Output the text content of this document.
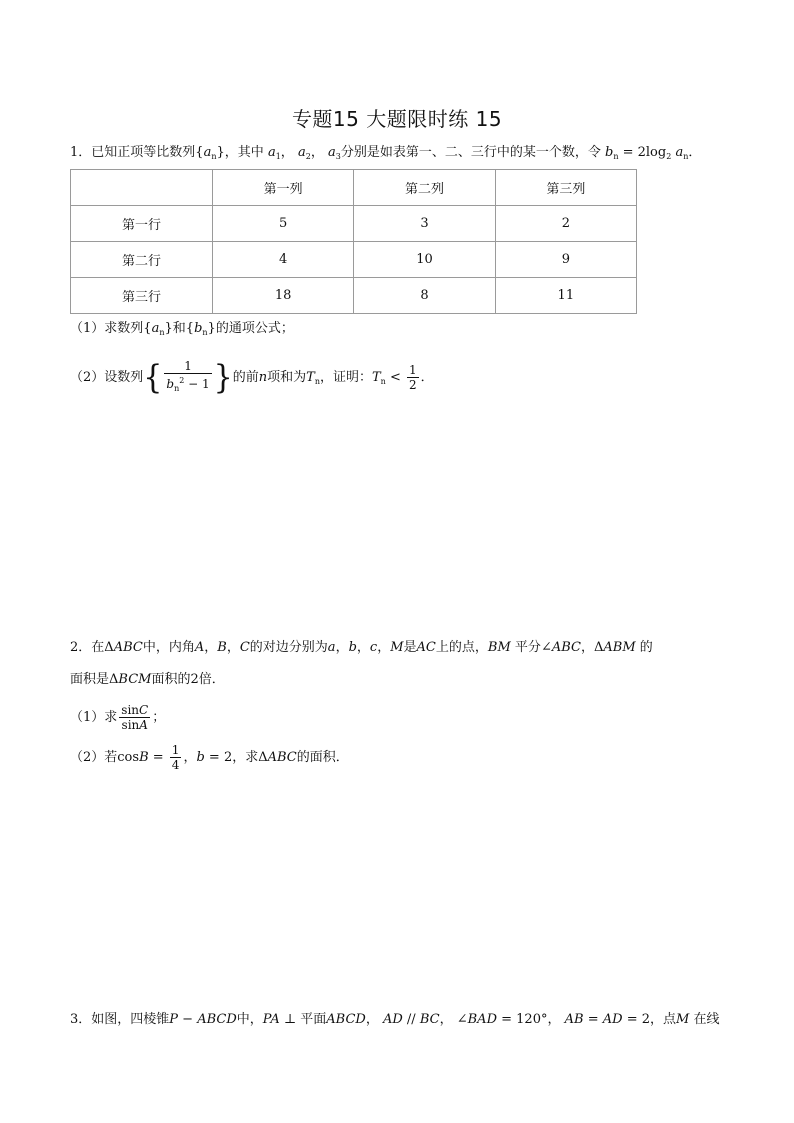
专题15 大题限时练 15
1．已知正项等比数列$\{a_n\}$，其中 $a_1$， $a_2$， $a_3$分别是如表第一、二、三行中的某一个数，令 $b_n = 2\log_2$ $a_n$．
	第一列	第二列	第三列
第一行	5	3	2
第二行	4	10	9
第三行	18	8	11
（1）求数列$\{a_n\}$和$\{b_n\}$的通项公式；
（2）设数列{ $\frac{1}{b_n^2 - 1}$ }的前n项和为$T_n$，证明：$T_n < \frac{1}{2}$ ．
2．在ΔABC中，内角A，B，C的对边分别为a，b，c，M是AC上的点，BM 平分∠ABC，ΔABM 的
面积是ΔBCM面积的2倍．
（1）求 $\frac{\sin C}{\sin A}$ ；
（2）若$\cos B = \frac{1}{4}$ ，b = 2，求ΔABC的面积．
3．如图，四棱锥P − ABCD中，PA ⊥ 平面ABCD， AD // BC， ∠BAD = 120°， AB = AD = 2，点M 在线
